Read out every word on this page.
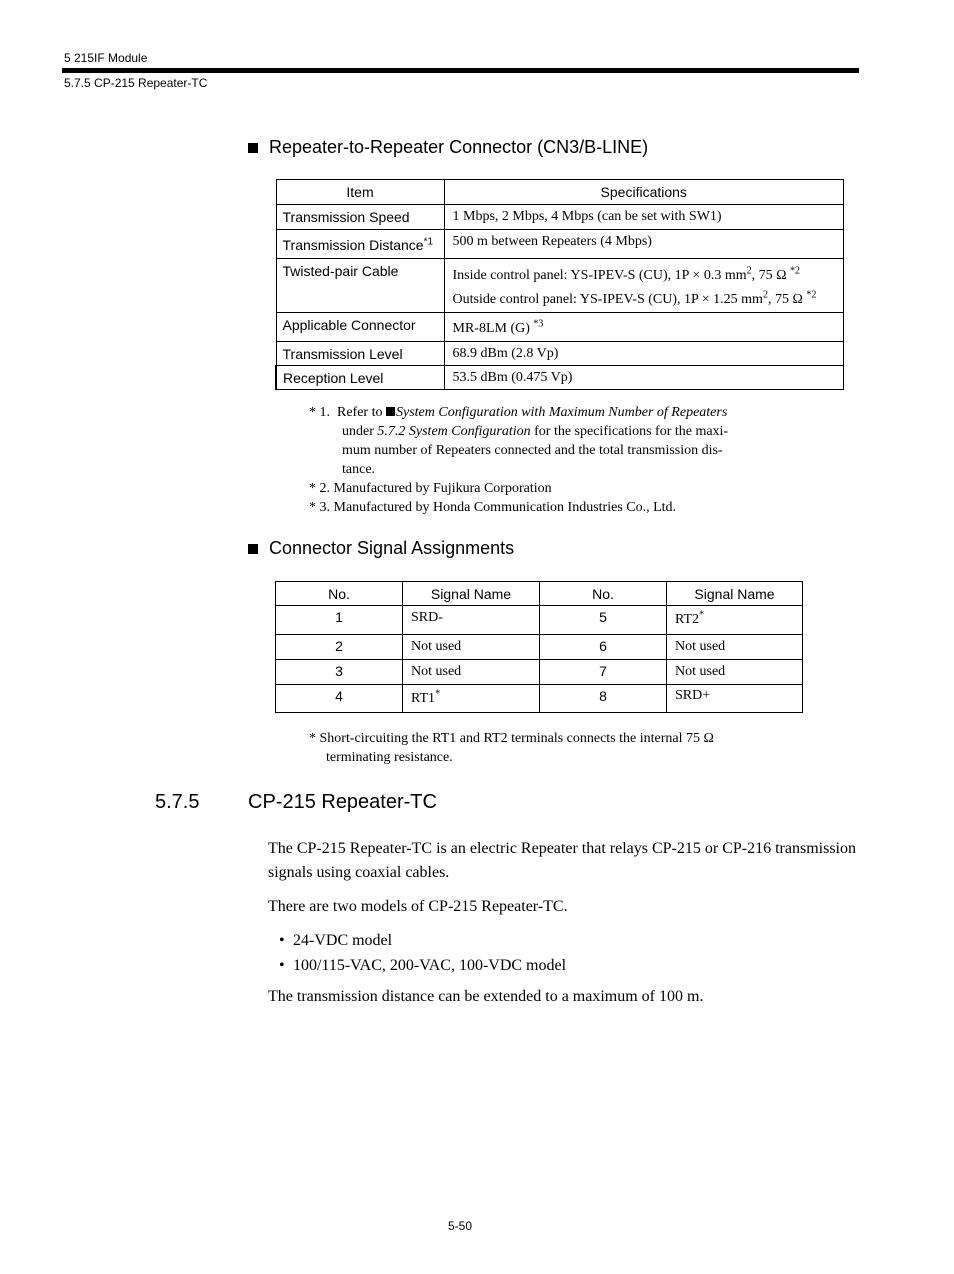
5 215IF Module
5.7.5 CP-215 Repeater-TC
Repeater-to-Repeater Connector (CN3/B-LINE)
Item	Specifications
Transmission Speed	1 Mbps, 2 Mbps, 4 Mbps (can be set with SW1)
Transmission Distance$^{*1}$	500 m between Repeaters (4 Mbps)
Twisted-pair Cable	Inside control panel: YS-IPEV-S (CU), 1P × 0.3 $mm^2$, 75 Ω $^{*2}$
Outside control panel: YS-IPEV-S (CU), 1P × 1.25 $mm^2$, 75 Ω $^{*2}$

Applicable Connector	MR-8LM (G) $^{*3}$
Transmission Level	68.9 dBm (2.8 Vp)
Reception Level	53.5 dBm (0.475 Vp)
* 1. Refer to System Configuration with Maximum Number of Repeaters
under 5.7.2 System Configuration for the specifications for the maxi-
mum number of Repeaters connected and the total transmission dis-
tance.
* 2. Manufactured by Fujikura Corporation
* 3. Manufactured by Honda Communication Industries Co., Ltd.
Connector Signal Assignments
No.	Signal Name	No.	Signal Name
1	SRD-	5	RT2*
2	Not used	6	Not used
3	Not used	7	Not used
4	RT1*	8	SRD+
* Short-circuiting the RT1 and RT2 terminals connects the internal 75 Ω
terminating resistance.
5.7.5 CP-215 Repeater-TC
The CP-215 Repeater-TC is an electric Repeater that relays CP-215 or CP-216 transmission
signals using coaxial cables.
There are two models of CP-215 Repeater-TC.
• 24-VDC model
• 100/115-VAC, 200-VAC, 100-VDC model
The transmission distance can be extended to a maximum of 100 m.
5-50
